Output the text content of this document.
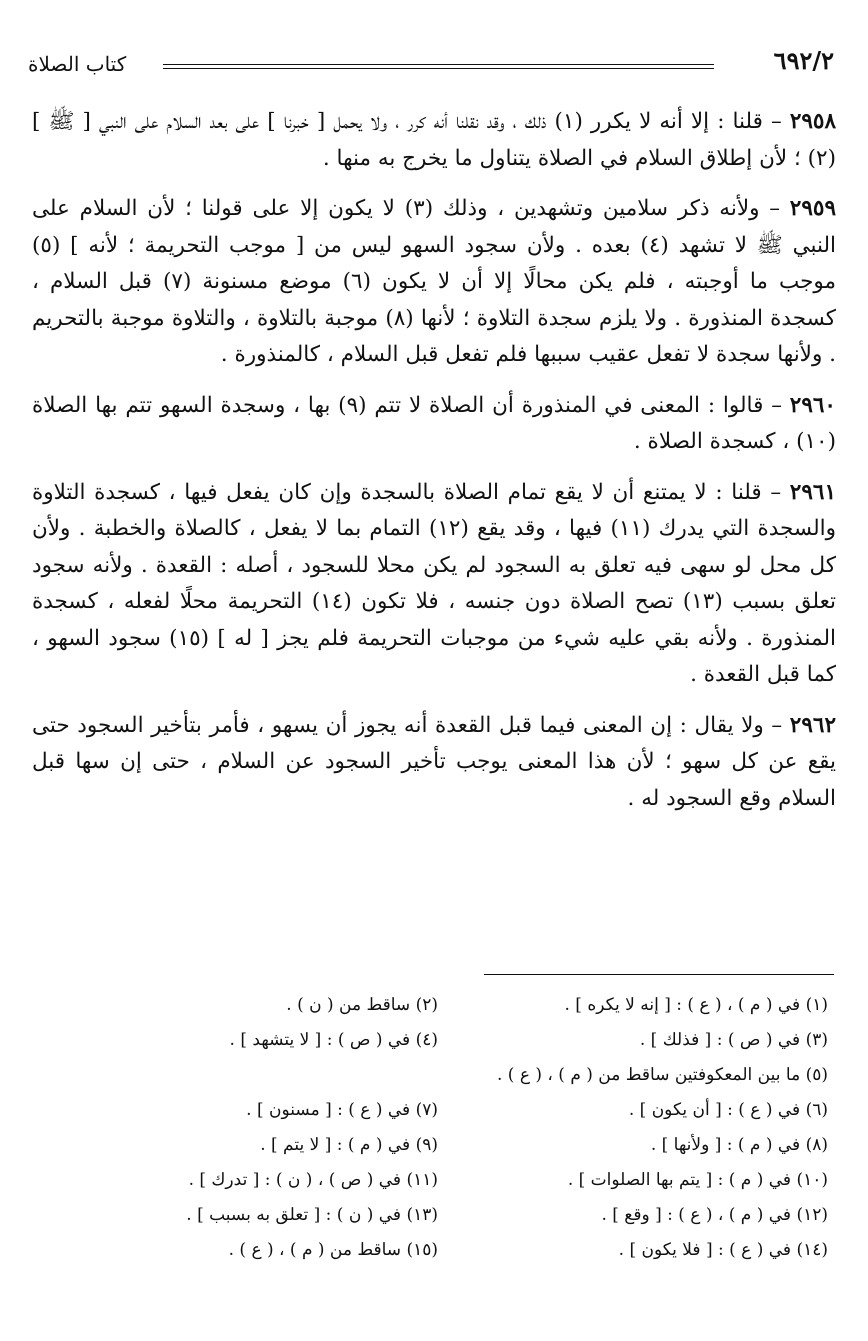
٦٩٢/٢
كتاب الصلاة

٢٩٥٨ – قلنا : إلا أنه لا يكرر (١) ذلك ، وقد نقلنا أنه كرر ، ولا يحمل [ خبرنا ] على بعد السلام على النبي [ ﷺ ] (٢) ؛ لأن إطلاق السلام في الصلاة يتناول ما يخرج به منها .

٢٩٥٩ – ولأنه ذكر سلامين وتشهدين ، وذلك (٣) لا يكون إلا على قولنا ؛ لأن السلام على النبي ﷺ لا تشهد (٤) بعده . ولأن سجود السهو ليس من [ موجب التحريمة ؛ لأنه ] (٥) موجب ما أوجبته ، فلم يكن محالًا إلا أن لا يكون (٦) موضع مسنونة (٧) قبل السلام ، كسجدة المنذورة . ولا يلزم سجدة التلاوة ؛ لأنها (٨) موجبة بالتلاوة ، والتلاوة موجبة بالتحريم . ولأنها سجدة لا تفعل عقيب سببها فلم تفعل قبل السلام ، كالمنذورة .

٢٩٦٠ – قالوا : المعنى في المنذورة أن الصلاة لا تتم (٩) بها ، وسجدة السهو تتم بها الصلاة (١٠) ، كسجدة الصلاة .

٢٩٦١ – قلنا : لا يمتنع أن لا يقع تمام الصلاة بالسجدة وإن كان يفعل فيها ، كسجدة التلاوة والسجدة التي يدرك (١١) فيها ، وقد يقع (١٢) التمام بما لا يفعل ، كالصلاة والخطبة . ولأن كل محل لو سهى فيه تعلق به السجود لم يكن محلا للسجود ، أصله : القعدة . ولأنه سجود تعلق بسبب (١٣) تصح الصلاة دون جنسه ، فلا تكون (١٤) التحريمة محلًا لفعله ، كسجدة المنذورة . ولأنه بقي عليه شيء من موجبات التحريمة فلم يجز [ له ] (١٥) سجود السهو ، كما قبل القعدة .

٢٩٦٢ – ولا يقال : إن المعنى فيما قبل القعدة أنه يجوز أن يسهو ، فأمر بتأخير السجود حتى يقع عن كل سهو ؛ لأن هذا المعنى يوجب تأخير السجود عن السلام ، حتى إن سها قبل السلام وقع السجود له .

(١) في ( م ) ، ( ع ) : [ إنه لا يكره ] .
(٢) ساقط من ( ن ) .
(٣) في ( ص ) : [ فذلك ] .
(٤) في ( ص ) : [ لا يتشهد ] .
(٥) ما بين المعكوفتين ساقط من ( م ) ، ( ع ) .
(٦) في ( ع ) : [ أن يكون ] .
(٧) في ( ع ) : [ مسنون ] .
(٨) في ( م ) : [ ولأنها ] .
(٩) في ( م ) : [ لا يتم ] .
(١٠) في ( م ) : [ يتم بها الصلوات ] .
(١١) في ( ص ) ، ( ن ) : [ تدرك ] .
(١٢) في ( م ) ، ( ع ) : [ وقع ] .
(١٣) في ( ن ) : [ تعلق به بسبب ] .
(١٤) في ( ع ) : [ فلا يكون ] .
(١٥) ساقط من ( م ) ، ( ع ) .
